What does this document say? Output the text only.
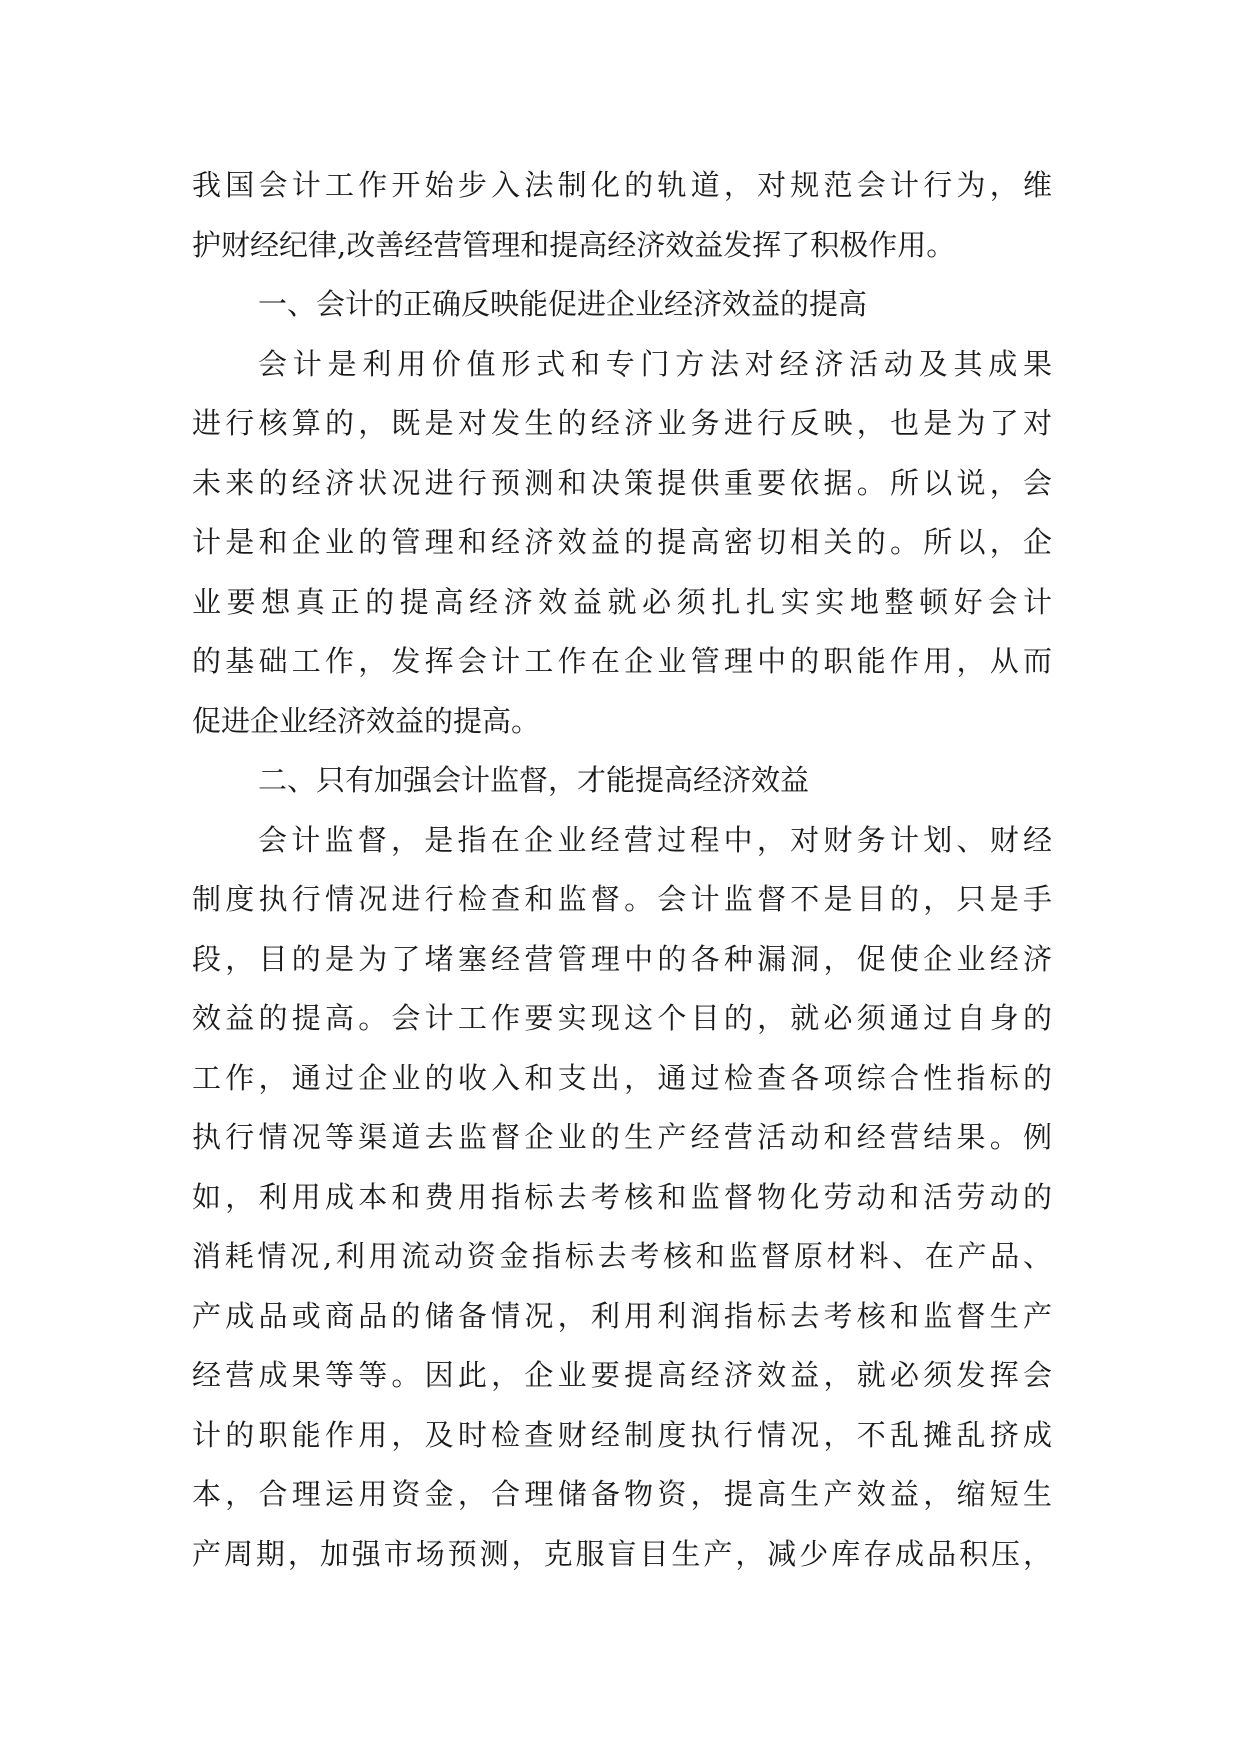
我国会计工作开始步入法制化的轨道，对规范会计行为，维
护财经纪律,改善经营管理和提高经济效益发挥了积极作用。
一、会计的正确反映能促进企业经济效益的提高
会计是利用价值形式和专门方法对经济活动及其成果
进行核算的，既是对发生的经济业务进行反映，也是为了对
未来的经济状况进行预测和决策提供重要依据。所以说，会
计是和企业的管理和经济效益的提高密切相关的。所以，企
业要想真正的提高经济效益就必须扎扎实实地整顿好会计
的基础工作，发挥会计工作在企业管理中的职能作用，从而
促进企业经济效益的提高。
二、只有加强会计监督，才能提高经济效益
会计监督，是指在企业经营过程中，对财务计划、财经
制度执行情况进行检查和监督。会计监督不是目的，只是手
段，目的是为了堵塞经营管理中的各种漏洞，促使企业经济
效益的提高。会计工作要实现这个目的，就必须通过自身的
工作，通过企业的收入和支出，通过检查各项综合性指标的
执行情况等渠道去监督企业的生产经营活动和经营结果。例
如，利用成本和费用指标去考核和监督物化劳动和活劳动的
消耗情况,利用流动资金指标去考核和监督原材料、在产品、
产成品或商品的储备情况，利用利润指标去考核和监督生产
经营成果等等。因此，企业要提高经济效益，就必须发挥会
计的职能作用，及时检查财经制度执行情况，不乱摊乱挤成
本，合理运用资金，合理储备物资，提高生产效益，缩短生
产周期，加强市场预测，克服盲目生产，减少库存成品积压，
